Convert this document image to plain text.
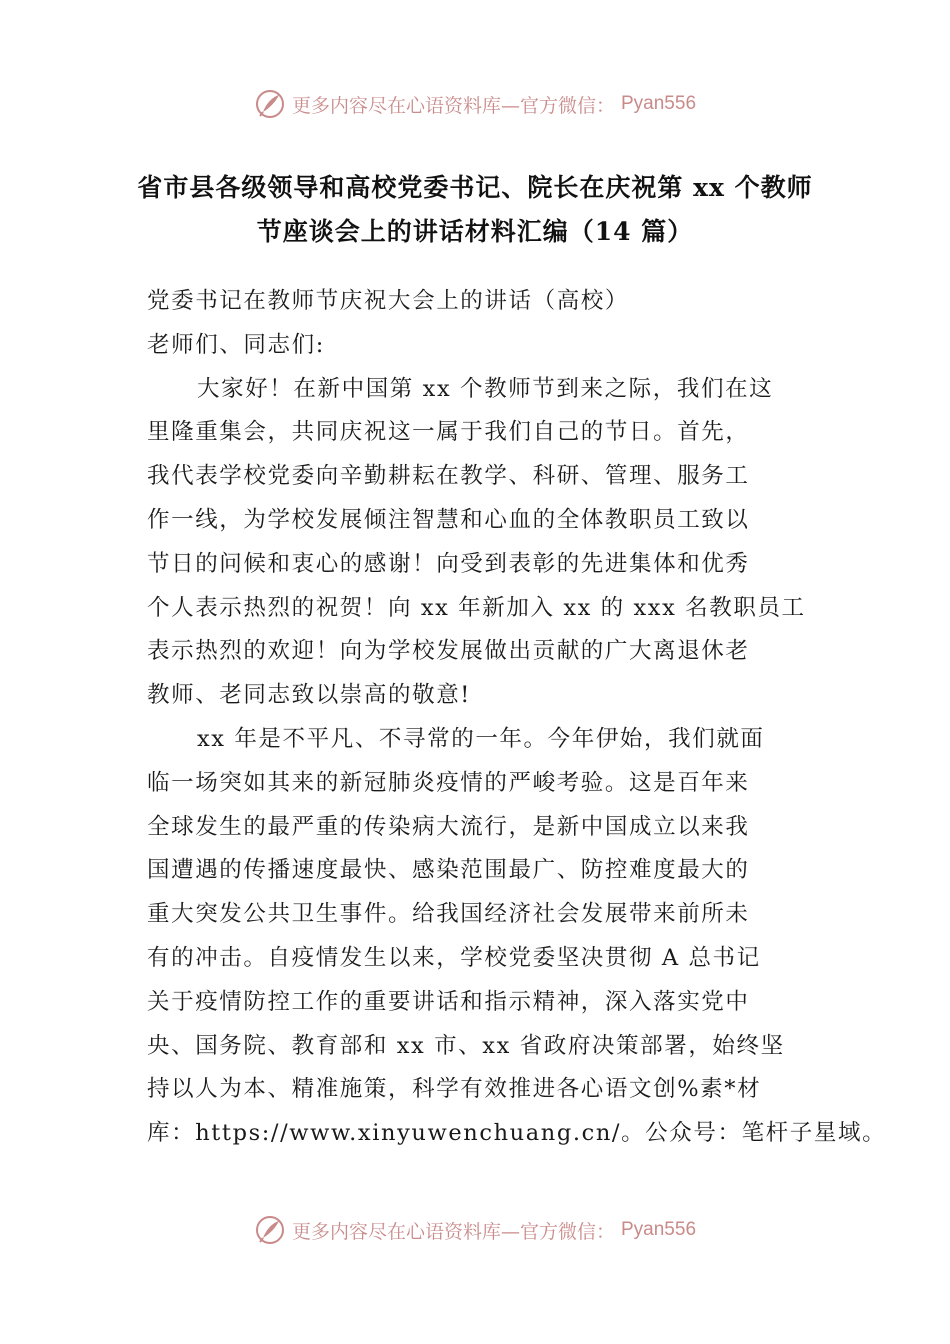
更多内容尽在心语资料库—官方微信： Pyan556
省市县各级领导和高校党委书记、院长在庆祝第 xx 个教师
节座谈会上的讲话材料汇编（14 篇）
党委书记在教师节庆祝大会上的讲话（高校）
老师们、同志们:
大家好！在新中国第 xx 个教师节到来之际，我们在这
里隆重集会，共同庆祝这一属于我们自己的节日。首先，
我代表学校党委向辛勤耕耘在教学、科研、管理、服务工
作一线，为学校发展倾注智慧和心血的全体教职员工致以
节日的问候和衷心的感谢！向受到表彰的先进集体和优秀
个人表示热烈的祝贺！向 xx 年新加入 xx 的 xxx 名教职员工
表示热烈的欢迎！向为学校发展做出贡献的广大离退休老
教师、老同志致以崇高的敬意!
xx 年是不平凡、不寻常的一年。今年伊始，我们就面
临一场突如其来的新冠肺炎疫情的严峻考验。这是百年来
全球发生的最严重的传染病大流行，是新中国成立以来我
国遭遇的传播速度最快、感染范围最广、防控难度最大的
重大突发公共卫生事件。给我国经济社会发展带来前所未
有的冲击。自疫情发生以来，学校党委坚决贯彻 A 总书记
关于疫情防控工作的重要讲话和指示精神，深入落实党中
央、国务院、教育部和 xx 市、xx 省政府决策部署，始终坚
持以人为本、精准施策，科学有效推进各心语文创%素*材
库：https://www.xinyuwenchuang.cn/。公众号：笔杆子星域。
更多内容尽在心语资料库—官方微信： Pyan556
